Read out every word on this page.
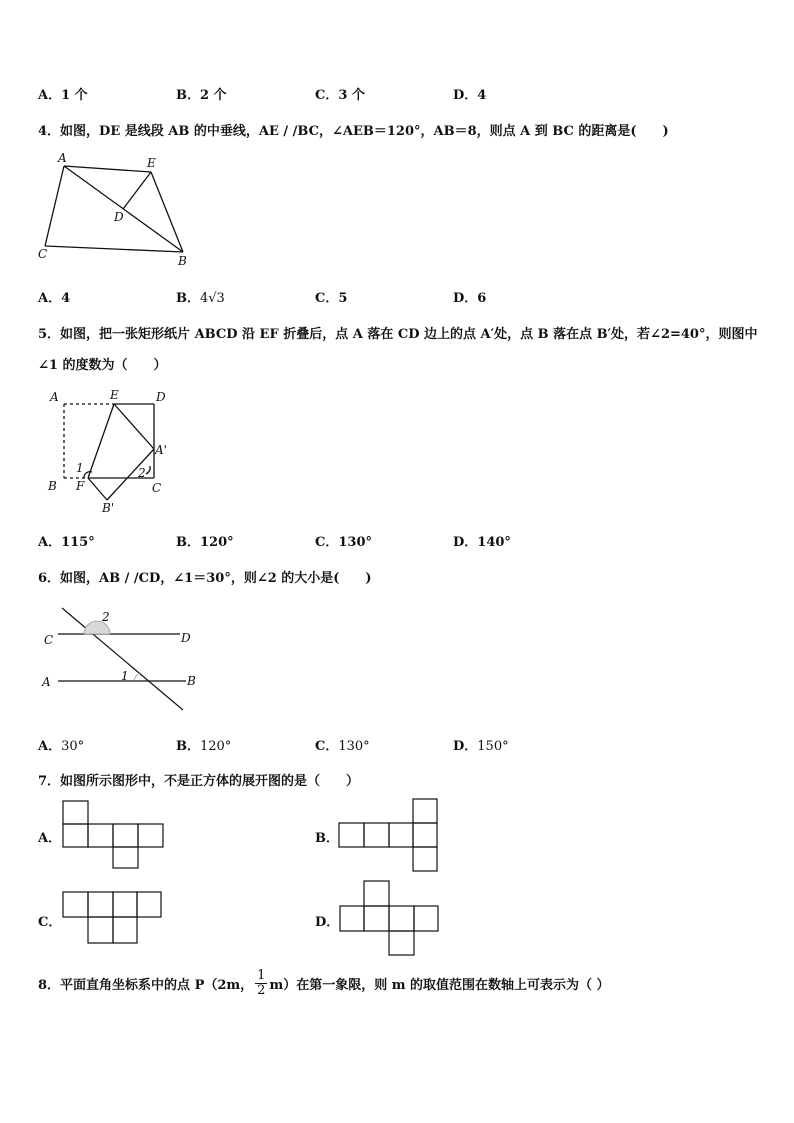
A．1 个	B．2 个	C．3 个	D．4
4．如图，DE 是线段 AB 的中垂线，AE / /BC，∠AEB＝120°，AB＝8，则点 A 到 BC 的距离是(　　)
A	E
D
C	B
A．4	B．4√3	C．5	D．6
5．如图，把一张矩形纸片 ABCD 沿 EF 折叠后，点 A 落在 CD 边上的点 A′处，点 B 落在点 B′处，若∠2=40°，则图中
∠1 的度数为（　　）
A	E	D
A'
1	2
B F	C
B'
A．115°	B．120°	C．130°	D．140°
6．如图，AB / /CD，∠1＝30°，则∠2 的大小是(　　)
2
C	D
A	1	B
A．30°	B．120°	C．130°	D．150°
7．如图所示图形中，不是正方体的展开图的是（　　）
A．	B．
C．	D．
8．平面直角坐标系中的点 P（2m， $\frac{1}{2} m$）在第一象限，则 m 的取值范围在数轴上可表示为（ ）
